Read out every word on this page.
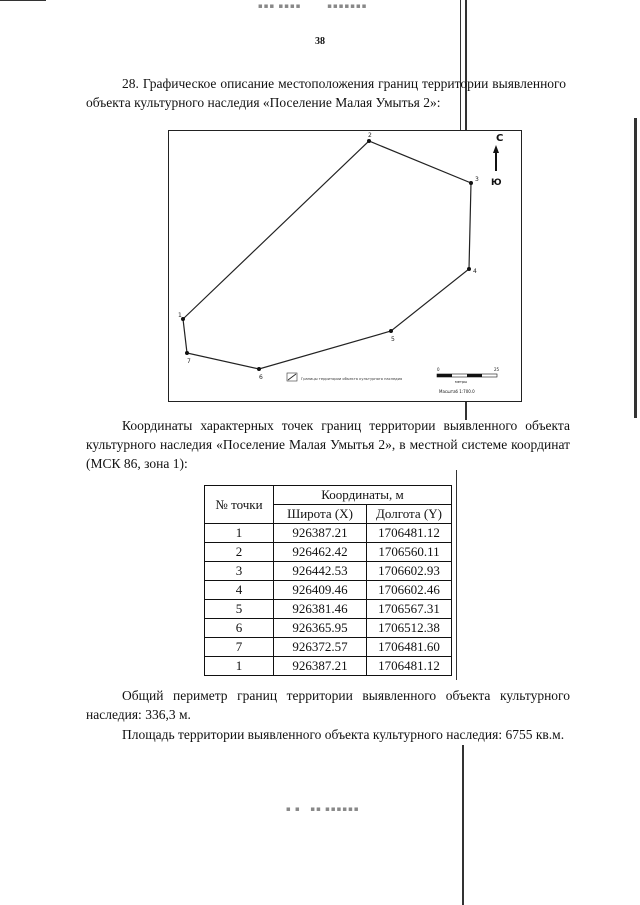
▪▪▪ ▪▪▪▪        ▪▪▪▪▪▪▪
▪ ▪   ▪▪ ▪▪▪▪▪▪
38
28. Графическое описание местоположения границ территории выявленного объекта культурного наследия «Поселение Малая Умытья 2»:
1
2
3
4
5
6
7
С
Ю
Границы территории объекта культурного наследия
0	25
метры
Масштаб 1:700.0
Координаты характерных точек границ территории выявленного объекта культурного наследия «Поселение Малая Умытья 2», в местной системе координат (МСК 86, зона 1):
№ точки	Координаты, м	
	Широта (X)	Долгота (Y)
1	926387.21	1706481.12
2	926462.42	1706560.11
3	926442.53	1706602.93
4	926409.46	1706602.46
5	926381.46	1706567.31
6	926365.95	1706512.38
7	926372.57	1706481.60
1	926387.21	1706481.12
Общий периметр границ территории выявленного объекта культурного наследия: 336,3 м.
Площадь территории выявленного объекта культурного наследия: 6755 кв.м.
